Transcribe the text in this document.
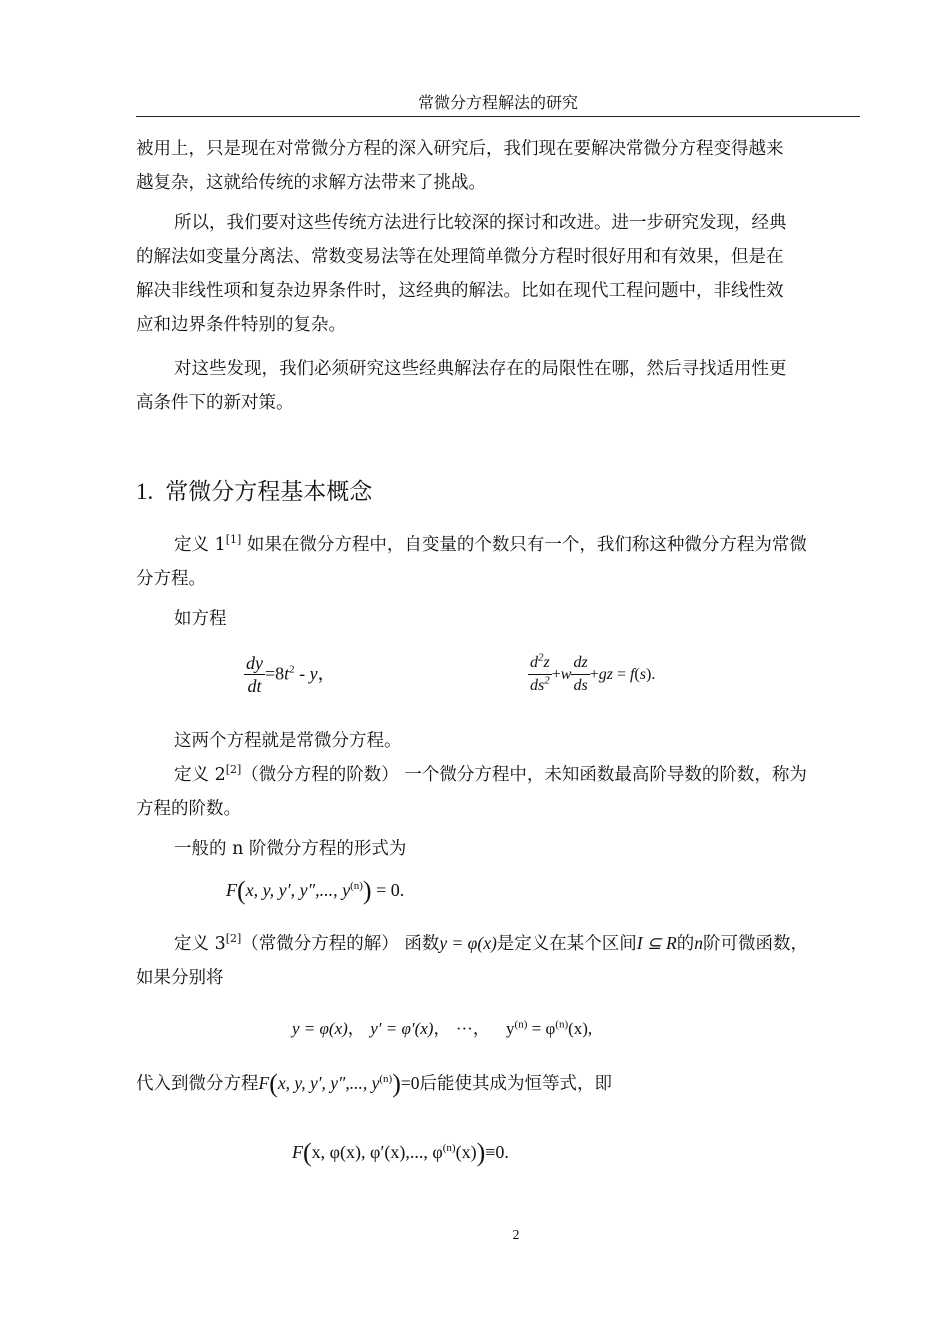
常微分方程解法的研究

被用上，只是现在对常微分方程的深入研究后，我们现在要解决常微分方程变得越来
越复杂，这就给传统的求解方法带来了挑战。

所以，我们要对这些传统方法进行比较深的探讨和改进。进一步研究发现，经典
的解法如变量分离法、常数变易法等在处理简单微分方程时很好用和有效果，但是在
解决非线性项和复杂边界条件时，这经典的解法。比如在现代工程问题中，非线性效
应和边界条件特别的复杂。

对这些发现，我们必须研究这些经典解法存在的局限性在哪，然后寻找适用性更
高条件下的新对策。

1. 常微分方程基本概念

定义 1[1] 如果在微分方程中，自变量的个数只有一个，我们称这种微分方程为常微
分方程。

如方程

$\frac{dy}{dt} =8t^2 - y$，	$\frac{d^2z}{ds^2} +w \frac{dz}{ds} +gz = f(s)$.

这两个方程就是常微分方程。

定义 2[2]（微分方程的阶数） 一个微分方程中，未知函数最高阶导数的阶数，称为
方程的阶数。

一般的 n 阶微分方程的形式为

F(x, y, y′, y″,..., $y^{(n)}) = 0$.

定义 3[2]（常微分方程的解） 函数y = φ(x)是定义在某个区间I ⊆ R的n阶可微函数，
如果分别将

y = φ(x)， y′ = φ′(x)， ···， $y^{(n)} = \varphi^{(n)}(x)$,

代入到微分方程F(x, y, y′, y″,..., $y^{(n)})=0$后能使其成为恒等式，即

F(x, φ(x), φ′(x),..., $\varphi^{(n)}(x))\equiv 0$.
2
